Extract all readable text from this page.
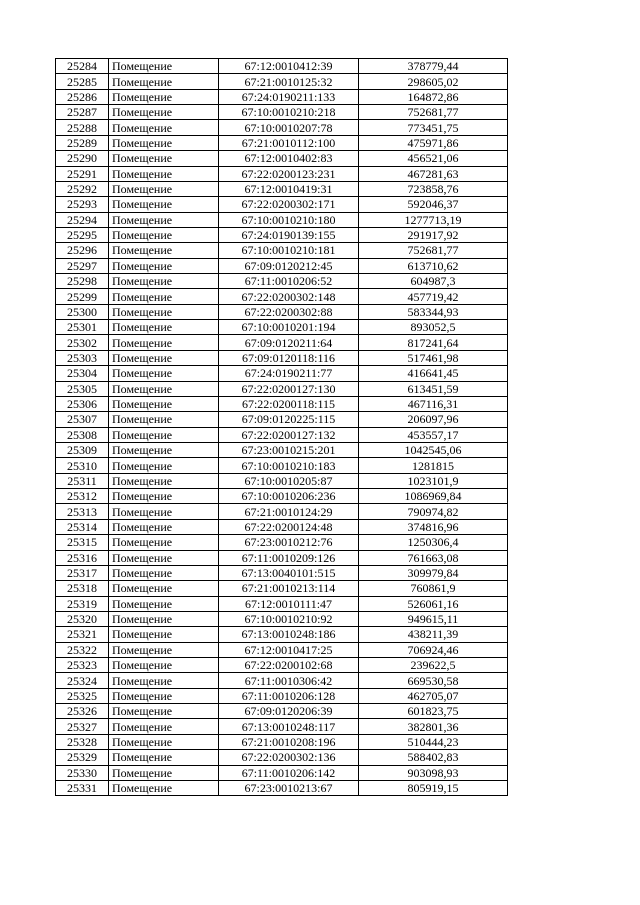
25284	Помещение	67:12:0010412:39	378779,44
25285	Помещение	67:21:0010125:32	298605,02
25286	Помещение	67:24:0190211:133	164872,86
25287	Помещение	67:10:0010210:218	752681,77
25288	Помещение	67:10:0010207:78	773451,75
25289	Помещение	67:21:0010112:100	475971,86
25290	Помещение	67:12:0010402:83	456521,06
25291	Помещение	67:22:0200123:231	467281,63
25292	Помещение	67:12:0010419:31	723858,76
25293	Помещение	67:22:0200302:171	592046,37
25294	Помещение	67:10:0010210:180	1277713,19
25295	Помещение	67:24:0190139:155	291917,92
25296	Помещение	67:10:0010210:181	752681,77
25297	Помещение	67:09:0120212:45	613710,62
25298	Помещение	67:11:0010206:52	604987,3
25299	Помещение	67:22:0200302:148	457719,42
25300	Помещение	67:22:0200302:88	583344,93
25301	Помещение	67:10:0010201:194	893052,5
25302	Помещение	67:09:0120211:64	817241,64
25303	Помещение	67:09:0120118:116	517461,98
25304	Помещение	67:24:0190211:77	416641,45
25305	Помещение	67:22:0200127:130	613451,59
25306	Помещение	67:22:0200118:115	467116,31
25307	Помещение	67:09:0120225:115	206097,96
25308	Помещение	67:22:0200127:132	453557,17
25309	Помещение	67:23:0010215:201	1042545,06
25310	Помещение	67:10:0010210:183	1281815
25311	Помещение	67:10:0010205:87	1023101,9
25312	Помещение	67:10:0010206:236	1086969,84
25313	Помещение	67:21:0010124:29	790974,82
25314	Помещение	67:22:0200124:48	374816,96
25315	Помещение	67:23:0010212:76	1250306,4
25316	Помещение	67:11:0010209:126	761663,08
25317	Помещение	67:13:0040101:515	309979,84
25318	Помещение	67:21:0010213:114	760861,9
25319	Помещение	67:12:0010111:47	526061,16
25320	Помещение	67:10:0010210:92	949615,11
25321	Помещение	67:13:0010248:186	438211,39
25322	Помещение	67:12:0010417:25	706924,46
25323	Помещение	67:22:0200102:68	239622,5
25324	Помещение	67:11:0010306:42	669530,58
25325	Помещение	67:11:0010206:128	462705,07
25326	Помещение	67:09:0120206:39	601823,75
25327	Помещение	67:13:0010248:117	382801,36
25328	Помещение	67:21:0010208:196	510444,23
25329	Помещение	67:22:0200302:136	588402,83
25330	Помещение	67:11:0010206:142	903098,93
25331	Помещение	67:23:0010213:67	805919,15
